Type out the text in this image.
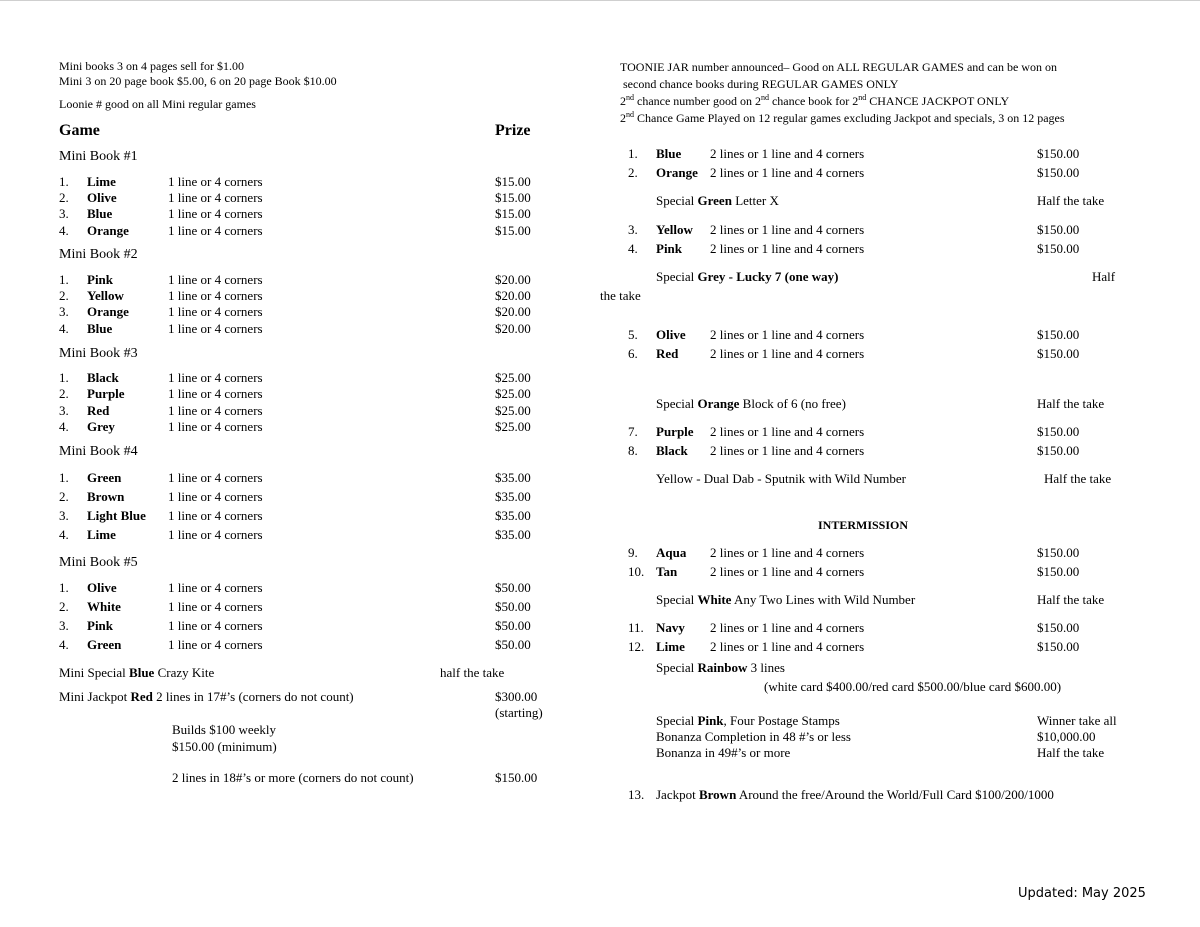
Mini books 3 on 4 pages sell for $1.00
Mini 3 on 20 page book $5.00, 6 on 20 page Book $10.00
Loonie # good on all Mini regular games
Game	Prize
Mini Book #1
1. Lime	1 line or 4 corners	$15.00
2. Olive	1 line or 4 corners	$15.00
3. Blue	1 line or 4 corners	$15.00
4. Orange	1 line or 4 corners	$15.00
Mini Book #2
1. Pink	1 line or 4 corners	$20.00
2. Yellow	1 line or 4 corners	$20.00
3. Orange	1 line or 4 corners	$20.00
4. Blue	1 line or 4 corners	$20.00
Mini Book #3
1. Black	1 line or 4 corners	$25.00
2. Purple	1 line or 4 corners	$25.00
3. Red	1 line or 4 corners	$25.00
4. Grey	1 line or 4 corners	$25.00
Mini Book #4
1. Green	1 line or 4 corners	$35.00
2. Brown	1 line or 4 corners	$35.00
3. Light Blue 1 line or 4 corners	$35.00
4. Lime	1 line or 4 corners	$35.00
Mini Book #5
1. Olive	1 line or 4 corners	$50.00
2. White	1 line or 4 corners	$50.00
3. Pink	1 line or 4 corners	$50.00
4. Green	1 line or 4 corners	$50.00
Mini Special Blue Crazy Kite	half the take
Mini Jackpot Red 2 lines in 17#’s (corners do not count)	$300.00
(starting)
Builds $100 weekly
$150.00 (minimum)
2 lines in 18#’s or more (corners do not count)	$150.00
TOONIE JAR number announced– Good on ALL REGULAR GAMES and can be won on
second chance books during REGULAR GAMES ONLY
2nd chance number good on 2nd chance book for 2nd CHANCE JACKPOT ONLY
2nd Chance Game Played on 12 regular games excluding Jackpot and specials, 3 on 12 pages
1. Blue 2 lines or 1 line and 4 corners	$150.00
2. Orange 2 lines or 1 line and 4 corners	$150.00
3. Yellow 2 lines or 1 line and 4 corners	$150.00
4. Pink 2 lines or 1 line and 4 corners	$150.00
5. Olive 2 lines or 1 line and 4 corners	$150.00
6. Red 2 lines or 1 line and 4 corners	$150.00
7. Purple 2 lines or 1 line and 4 corners	$150.00
8. Black 2 lines or 1 line and 4 corners	$150.00
9. Aqua 2 lines or 1 line and 4 corners	$150.00
10. Tan	2 lines or 1 line and 4 corners	$150.00
11. Navy 2 lines or 1 line and 4 corners	$150.00
12. Lime 2 lines or 1 line and 4 corners	$150.00
Special Green Letter X	Half the take
Special Grey - Lucky 7 (one way)	Half
the take
Special Orange Block of 6 (no free)	Half the take
Yellow - Dual Dab - Sputnik with Wild Number	Half the take
INTERMISSION
Special White Any Two Lines with Wild Number	Half the take
Special Rainbow 3 lines
(white card $400.00/red card $500.00/blue card $600.00)
Special Pink, Four Postage Stamps	Winner take all
Bonanza Completion in 48 #’s or less	$10,000.00
Bonanza in 49#’s or more	Half the take
13. Jackpot Brown Around the free/Around the World/Full Card $100/200/1000
Updated: May 2025
